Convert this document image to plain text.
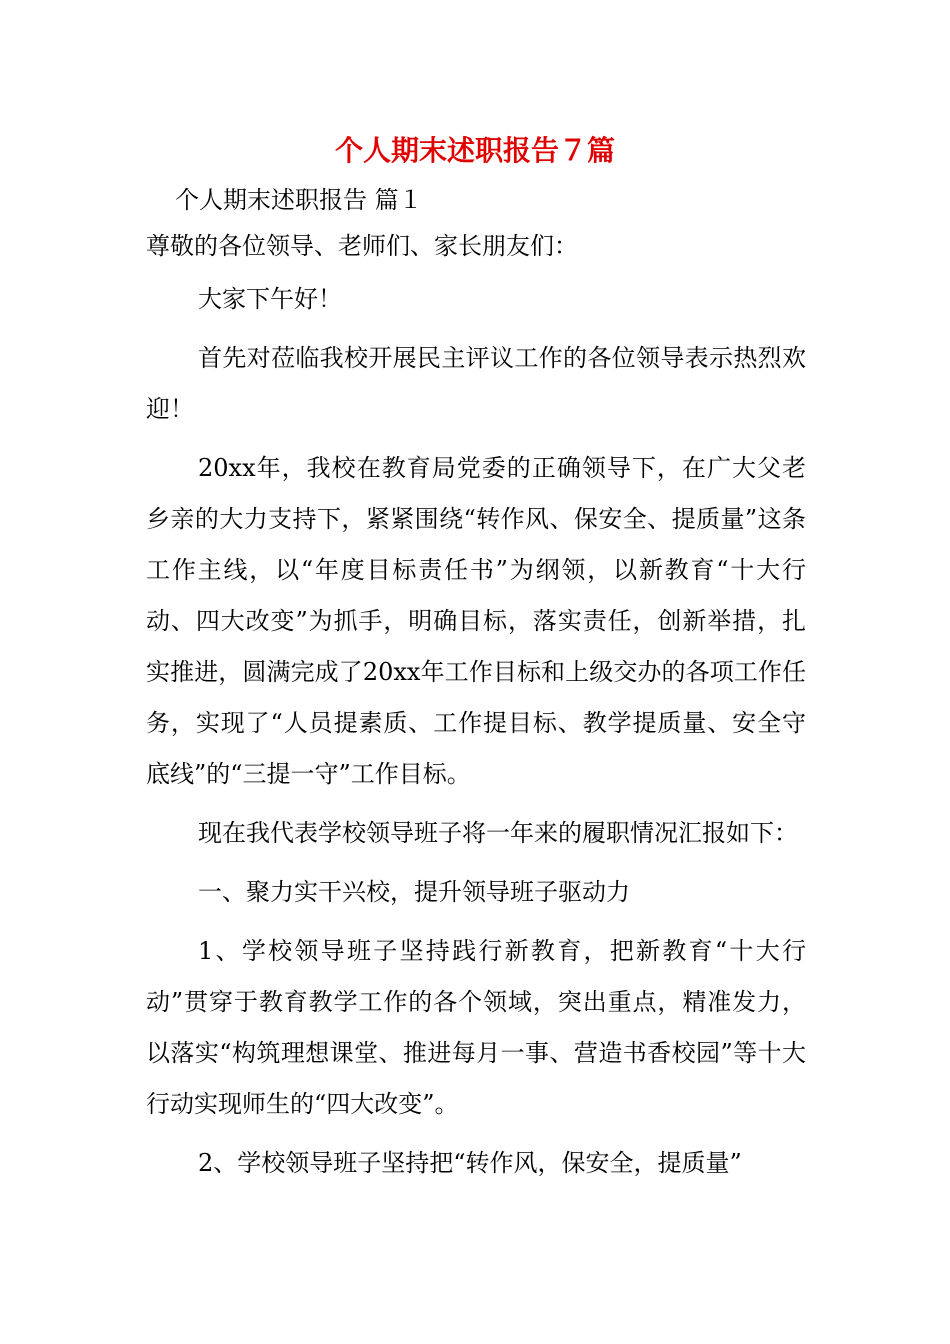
个人期末述职报告７篇

个人期末述职报告 篇１

尊敬的各位领导、老师们、家长朋友们：

大家下午好！

首先对莅临我校开展民主评议工作的各位领导表示热烈欢迎！

20xx年，我校在教育局党委的正确领导下，在广大父老乡亲的大力支持下，紧紧围绕“转作风、保安全、提质量”这条工作主线，以“年度目标责任书”为纲领，以新教育“十大行动、四大改变”为抓手，明确目标，落实责任，创新举措，扎实推进，圆满完成了20xx年工作目标和上级交办的各项工作任务，实现了“人员提素质、工作提目标、教学提质量、安全守底线”的“三提一守”工作目标。

现在我代表学校领导班子将一年来的履职情况汇报如下：

一、聚力实干兴校，提升领导班子驱动力

1、学校领导班子坚持践行新教育，把新教育“十大行动”贯穿于教育教学工作的各个领域，突出重点，精准发力，以落实“构筑理想课堂、推进每月一事、营造书香校园”等十大行动实现师生的“四大改变”。

2、学校领导班子坚持把“转作风，保安全，提质量”
